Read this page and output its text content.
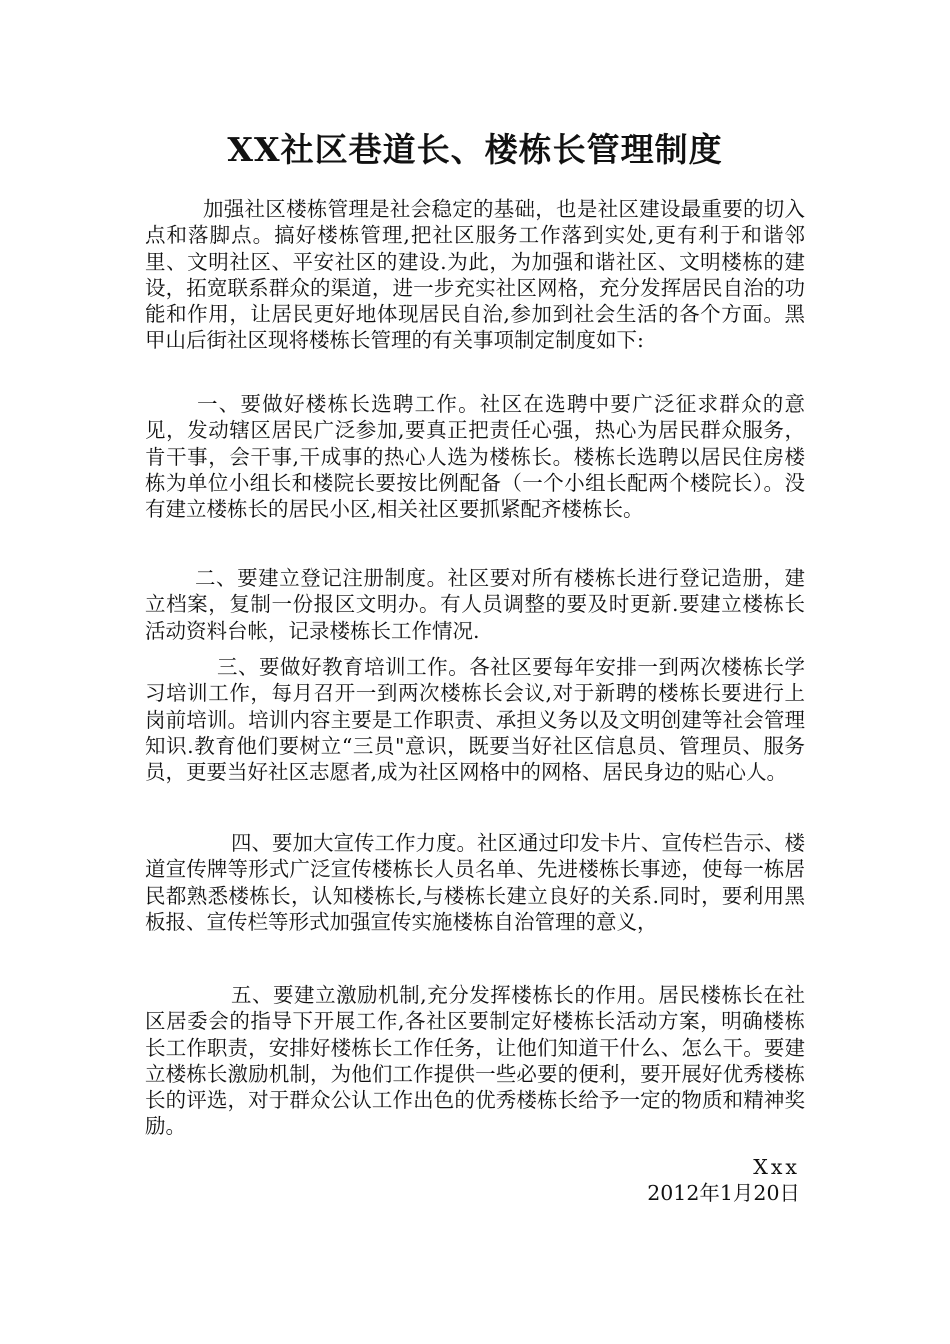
XX社区巷道长、楼栋长管理制度

加强社区楼栋管理是社会稳定的基础，也是社区建设最重要的切入点和落脚点。搞好楼栋管理,把社区服务工作落到实处,更有利于和谐邻里、文明社区、平安社区的建设.为此，为加强和谐社区、文明楼栋的建设，拓宽联系群众的渠道，进一步充实社区网格，充分发挥居民自治的功能和作用，让居民更好地体现居民自治,参加到社会生活的各个方面。黑甲山后街社区现将楼栋长管理的有关事项制定制度如下:

一、要做好楼栋长选聘工作。社区在选聘中要广泛征求群众的意见，发动辖区居民广泛参加,要真正把责任心强，热心为居民群众服务，肯干事，会干事,干成事的热心人选为楼栋长。楼栋长选聘以居民住房楼栋为单位小组长和楼院长要按比例配备（一个小组长配两个楼院长）。没有建立楼栋长的居民小区,相关社区要抓紧配齐楼栋长。

二、要建立登记注册制度。社区要对所有楼栋长进行登记造册，建立档案，复制一份报区文明办。有人员调整的要及时更新.要建立楼栋长活动资料台帐，记录楼栋长工作情况.

三、要做好教育培训工作。各社区要每年安排一到两次楼栋长学习培训工作，每月召开一到两次楼栋长会议,对于新聘的楼栋长要进行上岗前培训。培训内容主要是工作职责、承担义务以及文明创建等社会管理知识.教育他们要树立“三员"意识，既要当好社区信息员、管理员、服务员，更要当好社区志愿者,成为社区网格中的网格、居民身边的贴心人。

四、要加大宣传工作力度。社区通过印发卡片、宣传栏告示、楼道宣传牌等形式广泛宣传楼栋长人员名单、先进楼栋长事迹，使每一栋居民都熟悉楼栋长，认知楼栋长,与楼栋长建立良好的关系.同时，要利用黑板报、宣传栏等形式加强宣传实施楼栋自治管理的意义，

五、要建立激励机制,充分发挥楼栋长的作用。居民楼栋长在社区居委会的指导下开展工作,各社区要制定好楼栋长活动方案，明确楼栋长工作职责，安排好楼栋长工作任务，让他们知道干什么、怎么干。要建立楼栋长激励机制，为他们工作提供一些必要的便利，要开展好优秀楼栋长的评选，对于群众公认工作出色的优秀楼栋长给予一定的物质和精神奖励。

Xxx

2012年1月20日
